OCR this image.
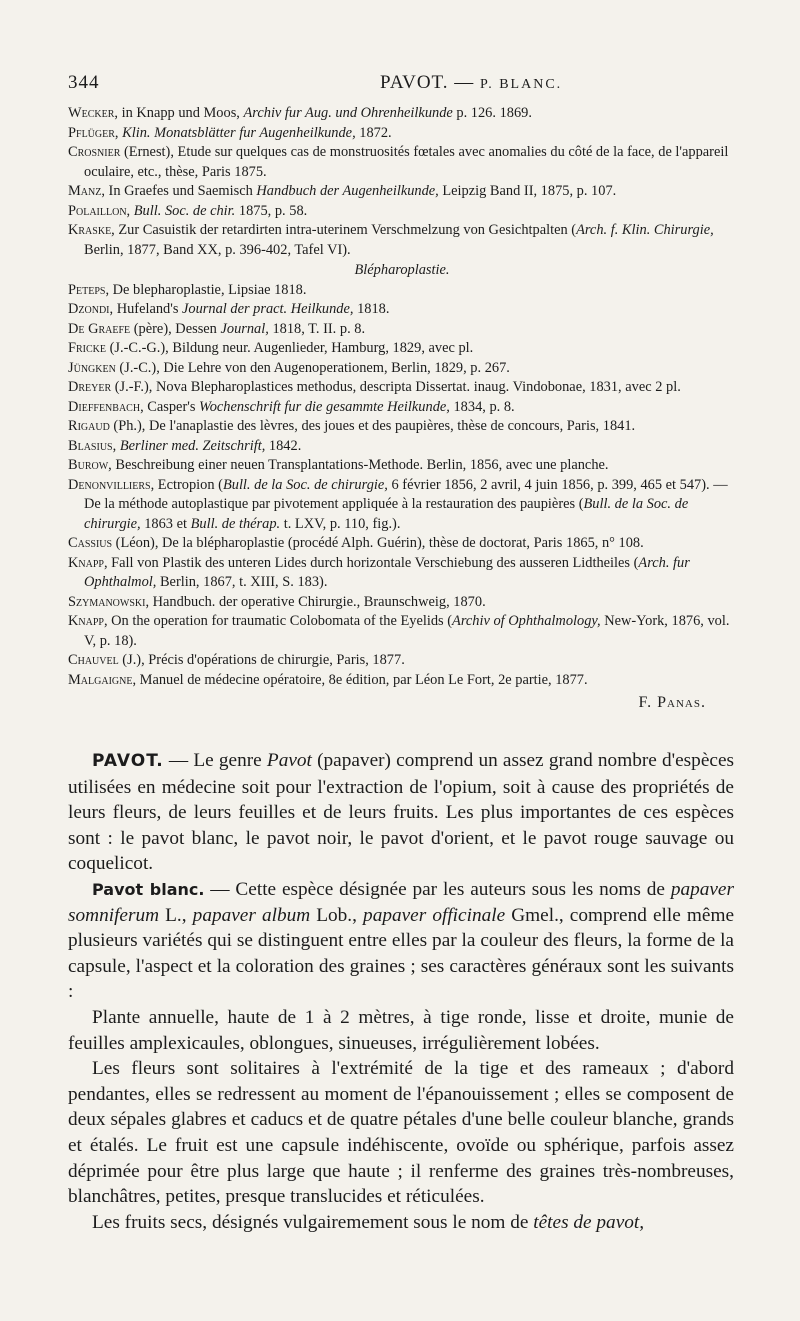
344	PAVOT. — P. BLANC.

Wecker, in Knapp und Moos, Archiv fur Aug. und Ohrenheilkunde p. 126. 1869.

Pflüger, Klin. Monatsblätter fur Augenheilkunde, 1872.

Crosnier (Ernest), Etude sur quelques cas de monstruosités fœtales avec anomalies du côté de la face, de l'appareil oculaire, etc., thèse, Paris 1875.

Manz, In Graefes und Saemisch Handbuch der Augenheilkunde, Leipzig Band II, 1875, p. 107.

Polaillon, Bull. Soc. de chir. 1875, p. 58.

Kraske, Zur Casuistik der retardirten intra-uterinem Verschmelzung von Gesichtpalten (Arch. f. Klin. Chirurgie, Berlin, 1877, Band XX, p. 396-402, Tafel VI).

Blépharoplastie.

Peteps, De blepharoplastie, Lipsiae 1818.

Dzondi, Hufeland's Journal der pract. Heilkunde, 1818.

De Graefe (père), Dessen Journal, 1818, T. II. p. 8.

Fricke (J.-C.-G.), Bildung neur. Augenlieder, Hamburg, 1829, avec pl.

Jüngken (J.-C.), Die Lehre von den Augenoperationem, Berlin, 1829, p. 267.

Dreyer (J.-F.), Nova Blepharoplastices methodus, descripta Dissertat. inaug. Vindobonae, 1831, avec 2 pl.

Dieffenbach, Casper's Wochenschrift fur die gesammte Heilkunde, 1834, p. 8.

Rigaud (Ph.), De l'anaplastie des lèvres, des joues et des paupières, thèse de concours, Paris, 1841.

Blasius, Berliner med. Zeitschrift, 1842.

Burow, Beschreibung einer neuen Transplantations-Methode. Berlin, 1856, avec une planche.

Denonvilliers, Ectropion (Bull. de la Soc. de chirurgie, 6 février 1856, 2 avril, 4 juin 1856, p. 399, 465 et 547). — De la méthode autoplastique par pivotement appliquée à la restauration des paupières (Bull. de la Soc. de chirurgie, 1863 et Bull. de thérap. t. LXV, p. 110, fig.).

Cassius (Léon), De la blépharoplastie (procédé Alph. Guérin), thèse de doctorat, Paris 1865, n° 108.

Knapp, Fall von Plastik des unteren Lides durch horizontale Verschiebung des ausseren Lidtheiles (Arch. fur Ophthalmol, Berlin, 1867, t. XIII, S. 183).

Szymanowski, Handbuch. der operative Chirurgie., Braunschweig, 1870.

Knapp, On the operation for traumatic Colobomata of the Eyelids (Archiv of Ophthalmology, New-York, 1876, vol. V, p. 18).

Chauvel (J.), Précis d'opérations de chirurgie, Paris, 1877.

Malgaigne, Manuel de médecine opératoire, 8e édition, par Léon Le Fort, 2e partie, 1877.

F. Panas.

PAVOT. — Le genre Pavot (papaver) comprend un assez grand nombre d'espèces utilisées en médecine soit pour l'extraction de l'opium, soit à cause des propriétés de leurs fleurs, de leurs feuilles et de leurs fruits. Les plus importantes de ces espèces sont : le pavot blanc, le pavot noir, le pavot d'orient, et le pavot rouge sauvage ou coquelicot.

Pavot blanc. — Cette espèce désignée par les auteurs sous les noms de papaver somniferum L., papaver album Lob., papaver officinale Gmel., comprend elle même plusieurs variétés qui se distinguent entre elles par la couleur des fleurs, la forme de la capsule, l'aspect et la coloration des graines ; ses caractères généraux sont les suivants :

Plante annuelle, haute de 1 à 2 mètres, à tige ronde, lisse et droite, munie de feuilles amplexicaules, oblongues, sinueuses, irrégulièrement lobées.

Les fleurs sont solitaires à l'extrémité de la tige et des rameaux ; d'abord pendantes, elles se redressent au moment de l'épanouissement ; elles se composent de deux sépales glabres et caducs et de quatre pétales d'une belle couleur blanche, grands et étalés. Le fruit est une capsule indéhiscente, ovoïde ou sphérique, parfois assez déprimée pour être plus large que haute ; il renferme des graines très-nombreuses, blanchâtres, petites, presque translucides et réticulées.

Les fruits secs, désignés vulgairemement sous le nom de têtes de pavot,
